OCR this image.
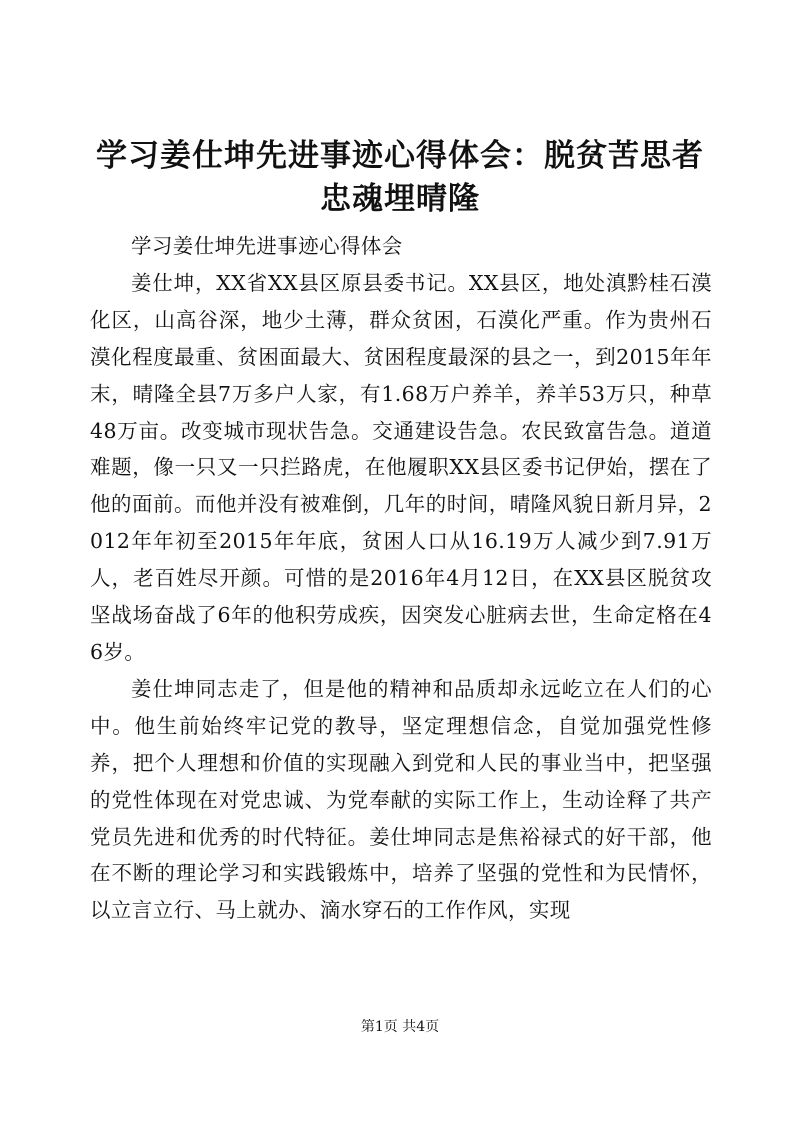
学习姜仕坤先进事迹心得体会：脱贫苦思者忠魂埋晴隆

学习姜仕坤先进事迹心得体会

姜仕坤，XX省XX县区原县委书记。XX县区，地处滇黔桂石漠化区，山高谷深，地少土薄，群众贫困，石漠化严重。作为贵州石漠化程度最重、贫困面最大、贫困程度最深的县之一，到2015年年末，晴隆全县7万多户人家，有1.68万户养羊，养羊53万只，种草48万亩。改变城市现状告急。交通建设告急。农民致富告急。道道难题，像一只又一只拦路虎，在他履职XX县区委书记伊始，摆在了他的面前。而他并没有被难倒，几年的时间，晴隆风貌日新月异，2012年年初至2015年年底，贫困人口从16.19万人减少到7.91万人，老百姓尽开颜。可惜的是2016年4月12日，在XX县区脱贫攻坚战场奋战了6年的他积劳成疾，因突发心脏病去世，生命定格在46岁。

姜仕坤同志走了，但是他的精神和品质却永远屹立在人们的心中。他生前始终牢记党的教导，坚定理想信念，自觉加强党性修养，把个人理想和价值的实现融入到党和人民的事业当中，把坚强的党性体现在对党忠诚、为党奉献的实际工作上，生动诠释了共产党员先进和优秀的时代特征。姜仕坤同志是焦裕禄式的好干部，他在不断的理论学习和实践锻炼中，培养了坚强的党性和为民情怀，以立言立行、马上就办、滴水穿石的工作作风，实现

第1页 共4页
